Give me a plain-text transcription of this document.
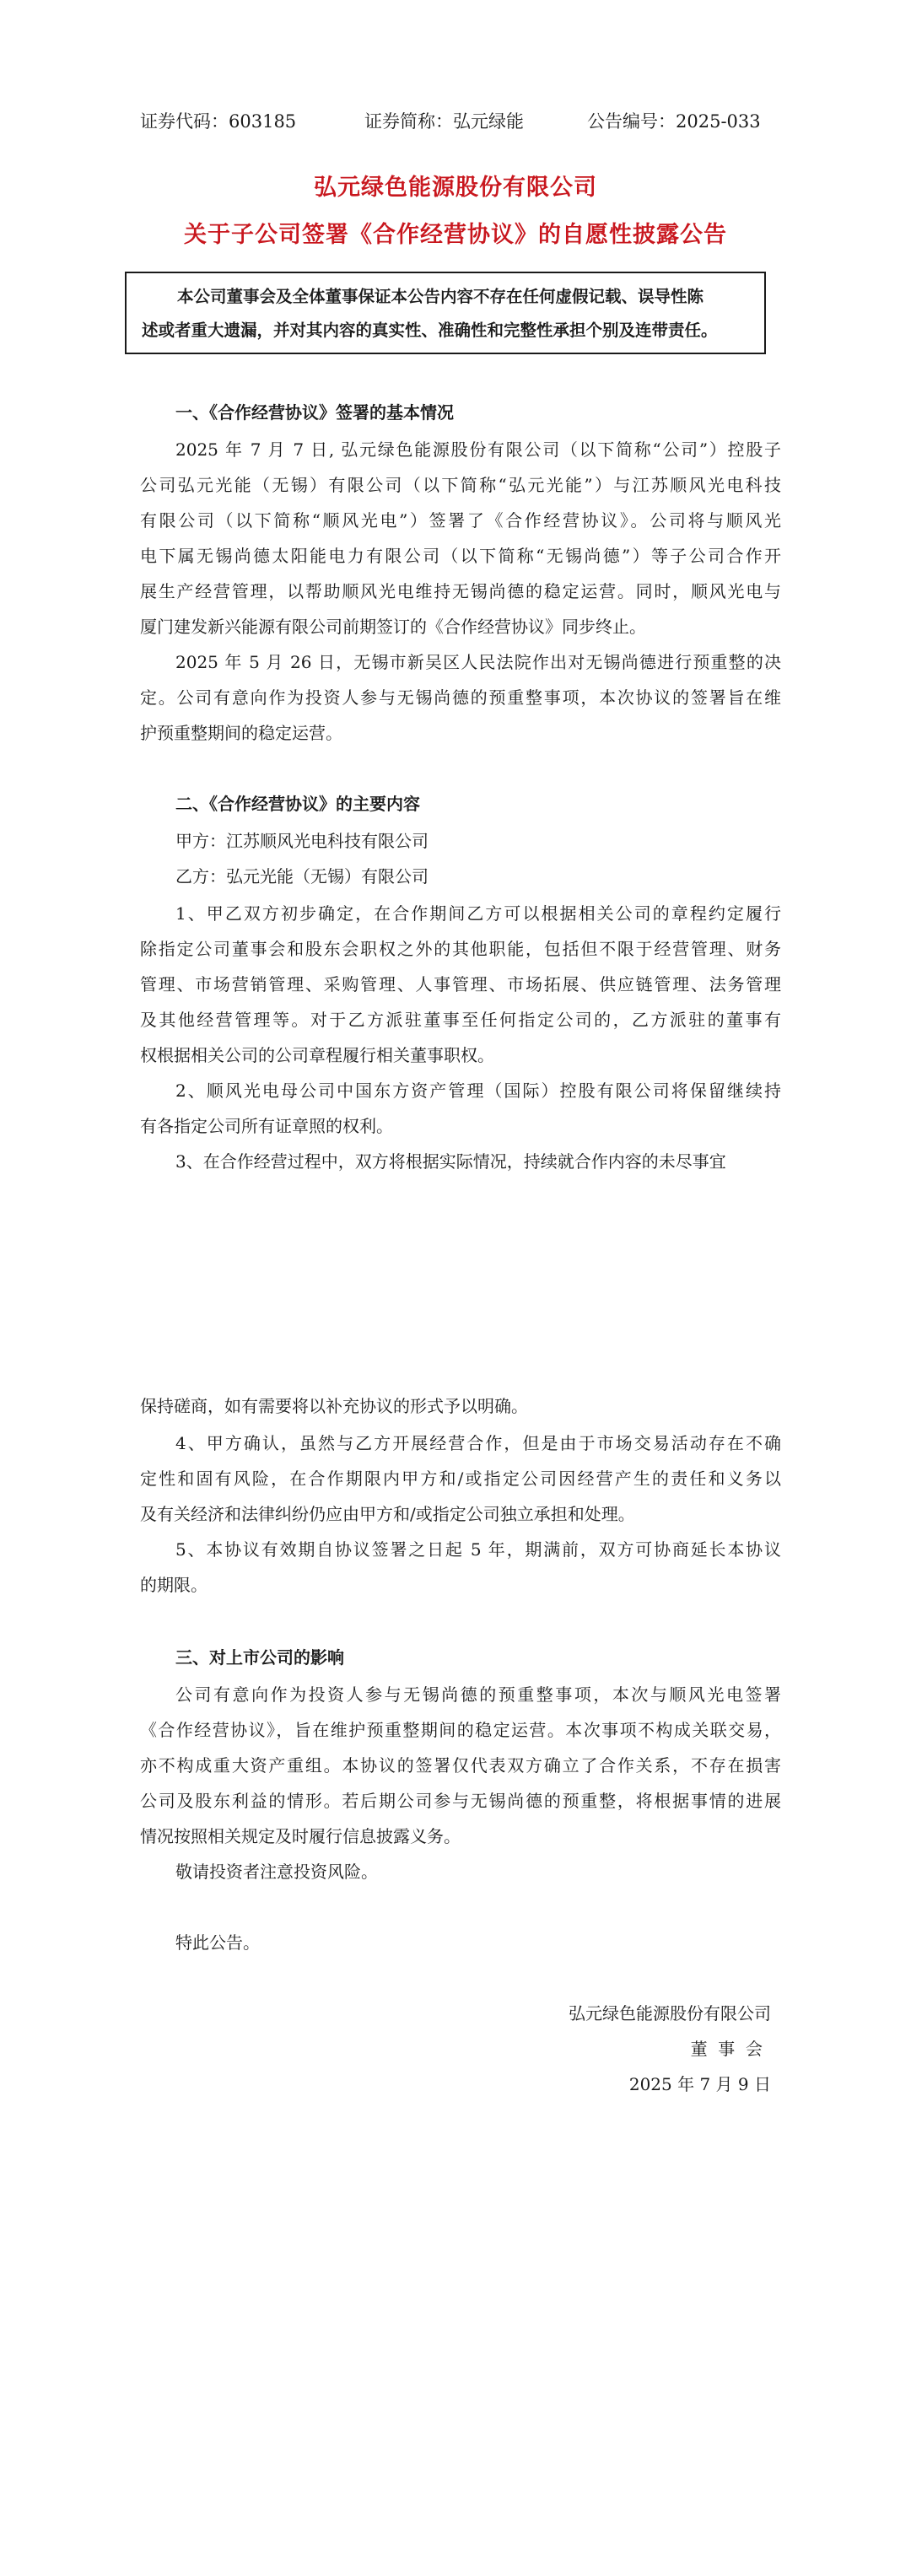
证券代码：603185	证券简称：弘元绿能	公告编号：2025-033
弘元绿色能源股份有限公司
关于子公司签署《合作经营协议》的自愿性披露公告
本公司董事会及全体董事保证本公告内容不存在任何虚假记载、误导性陈
述或者重大遗漏，并对其内容的真实性、准确性和完整性承担个别及连带责任。
一、《合作经营协议》签署的基本情况

2025 年 7 月 7 日, 弘元绿色能源股份有限公司（以下简称“公司”）控股子

公司弘元光能（无锡）有限公司（以下简称“弘元光能”）与江苏顺风光电科技

有限公司（以下简称“顺风光电”）签署了《合作经营协议》。公司将与顺风光

电下属无锡尚德太阳能电力有限公司（以下简称“无锡尚德”）等子公司合作开

展生产经营管理，以帮助顺风光电维持无锡尚德的稳定运营。同时，顺风光电与

厦门建发新兴能源有限公司前期签订的《合作经营协议》同步终止。

2025 年 5 月 26 日，无锡市新吴区人民法院作出对无锡尚德进行预重整的决

定。公司有意向作为投资人参与无锡尚德的预重整事项，本次协议的签署旨在维

护预重整期间的稳定运营。

二、《合作经营协议》的主要内容
甲方：江苏顺风光电科技有限公司
乙方：弘元光能（无锡）有限公司

1、甲乙双方初步确定，在合作期间乙方可以根据相关公司的章程约定履行

除指定公司董事会和股东会职权之外的其他职能，包括但不限于经营管理、财务

管理、市场营销管理、采购管理、人事管理、市场拓展、供应链管理、法务管理

及其他经营管理等。对于乙方派驻董事至任何指定公司的，乙方派驻的董事有

权根据相关公司的公司章程履行相关董事职权。

2、顺风光电母公司中国东方资产管理（国际）控股有限公司将保留继续持

有各指定公司所有证章照的权利。

3、在合作经营过程中，双方将根据实际情况，持续就合作内容的未尽事宜

保持磋商，如有需要将以补充协议的形式予以明确。

4、甲方确认，虽然与乙方开展经营合作，但是由于市场交易活动存在不确

定性和固有风险，在合作期限内甲方和/或指定公司因经营产生的责任和义务以

及有关经济和法律纠纷仍应由甲方和/或指定公司独立承担和处理。

5、本协议有效期自协议签署之日起 5 年，期满前，双方可协商延长本协议

的期限。

三、对上市公司的影响

公司有意向作为投资人参与无锡尚德的预重整事项，本次与顺风光电签署

《合作经营协议》，旨在维护预重整期间的稳定运营。本次事项不构成关联交易，

亦不构成重大资产重组。本协议的签署仅代表双方确立了合作关系，不存在损害

公司及股东利益的情形。若后期公司参与无锡尚德的预重整，将根据事情的进展

情况按照相关规定及时履行信息披露义务。

敬请投资者注意投资风险。
特此公告。
弘元绿色能源股份有限公司
董  事  会
2025 年 7 月 9 日
